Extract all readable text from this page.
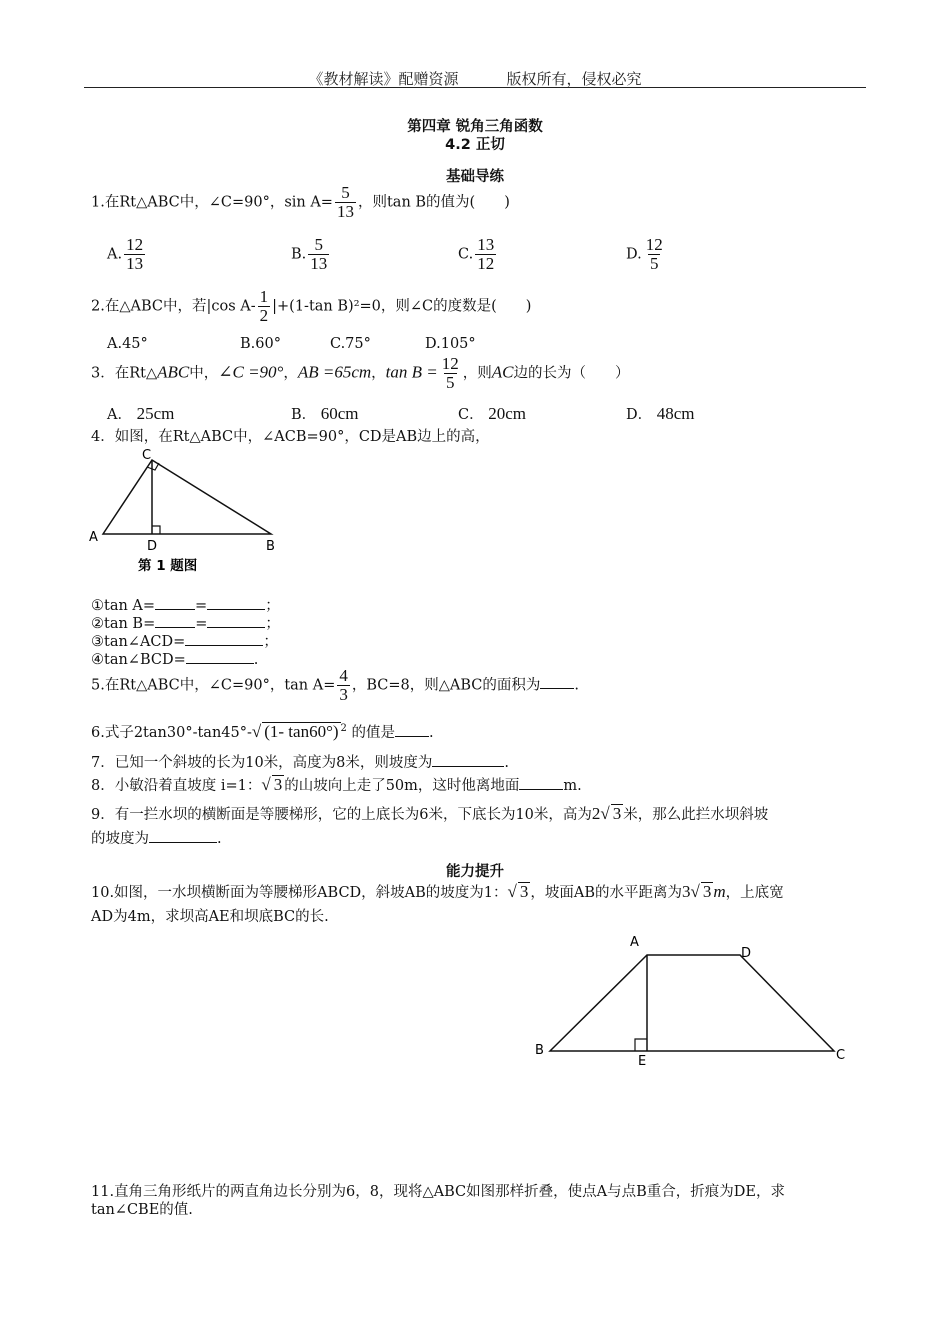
《教材解读》配赠资源	版权所有，侵权必究
第四章 锐角三角函数
4.2 正切
基础导练
1.在Rt△ABC中，∠C=90°，$\sin A= \frac{5}{13}$ ，则tan B的值为(　　)
A. $\frac{12}{13}$	B. $\frac{5}{13}$	C. $\frac{13}{12}$	D. $\frac{12}{5}$
2.在△ABC中，若|cos $A- \frac{1}{2} |+(1-\tan$ B)²=0，则∠C的度数是(　　)
A.45°	B.60°	C.75°	D.105°
3．在Rt△ABC中，∠C =90°，AB =65cm，$\tan B = \frac{12}{5}$ ，则AC边的长为（　　）
A． 25cm	B． 60cm	C． 20cm	D． 48cm
4．如图，在Rt△ABC中，∠ACB=90°，CD是AB边上的高，
A
C
D	B
第 1 题图
①tan A=	=	；
②tan B=	=	；
③tan∠ACD=	；
④tan∠BCD=	.
5.在Rt△ABC中，∠C=90°，$\tan A= \frac{4}{3}$ ，BC=8，则△ABC的面积为 .
6.式子2tan30°-tan45°-√ (1- tan60°) $^2$ 的值是 .
7．已知一个斜坡的长为10米，高度为8米，则坡度为	.
8．小敏沿着直坡度 i=1：√ 3 的山坡向上走了50m，这时他离地面	m.
9．有一拦水坝的横断面是等腰梯形，它的上底长为6米，下底长为10米，高为2√ 3 米，那么此拦水坝斜坡
的坡度为	.
能力提升
10.如图，一水坝横断面为等腰梯形ABCD，斜坡AB的坡度为1：√ 3 ，坡面AB的水平距离为3√ 3 m，上底宽
AD为4m，求坝高AE和坝底BC的长.
A
D
B
E	C
11.直角三角形纸片的两直角边长分别为6，8，现将△ABC如图那样折叠，使点A与点B重合，折痕为DE，求
tan∠CBE的值.
